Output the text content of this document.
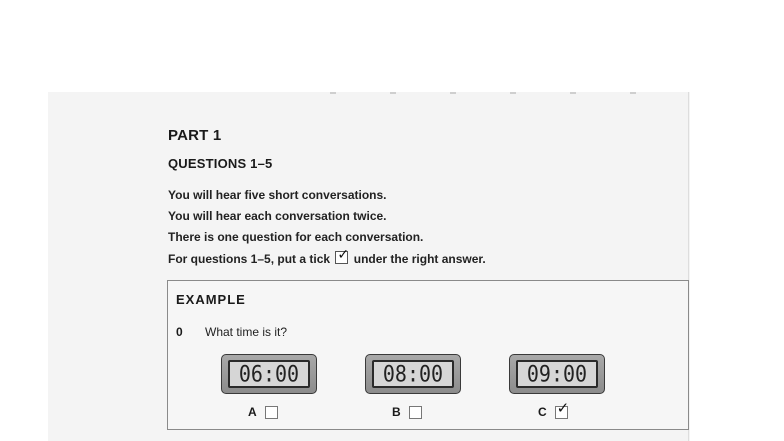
PART 1
QUESTIONS 1–5
You will hear five short conversations.
You will hear each conversation twice.
There is one question for each conversation.
For questions 1–5, put a tick ✓ under the right answer.
EXAMPLE
0 What time is it?
06:00	08:00	09:00
A	B	C ✓
